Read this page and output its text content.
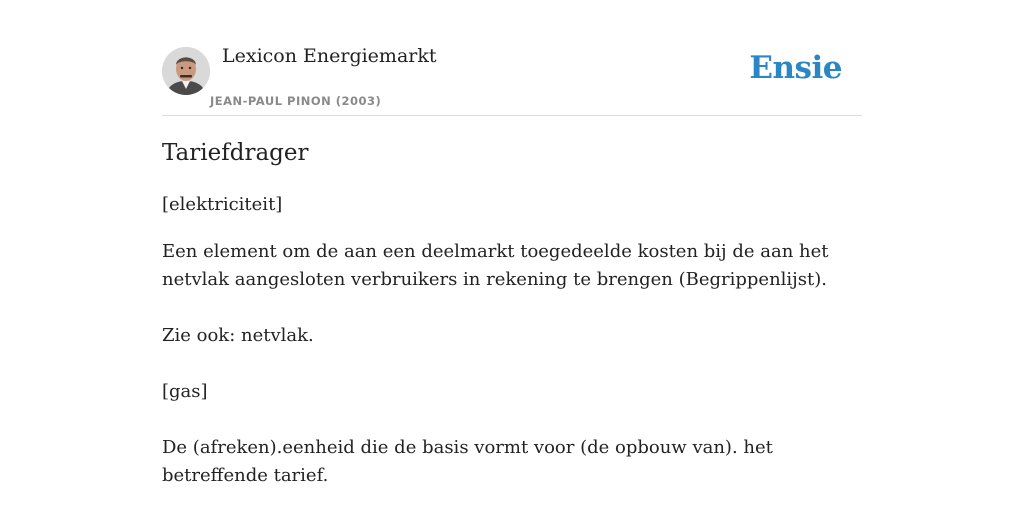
Lexicon Energiemarkt
JEAN-PAUL PINON (2003)
Ensie
Tariefdrager

[elektriciteit]

Een element om de aan een deelmarkt toegedeelde kosten bij de aan het netvlak aangesloten verbruikers in rekening te brengen (Begrippenlijst).

Zie ook: netvlak.

[gas]

De (afreken).eenheid die de basis vormt voor (de opbouw van). het betreffende tarief.
